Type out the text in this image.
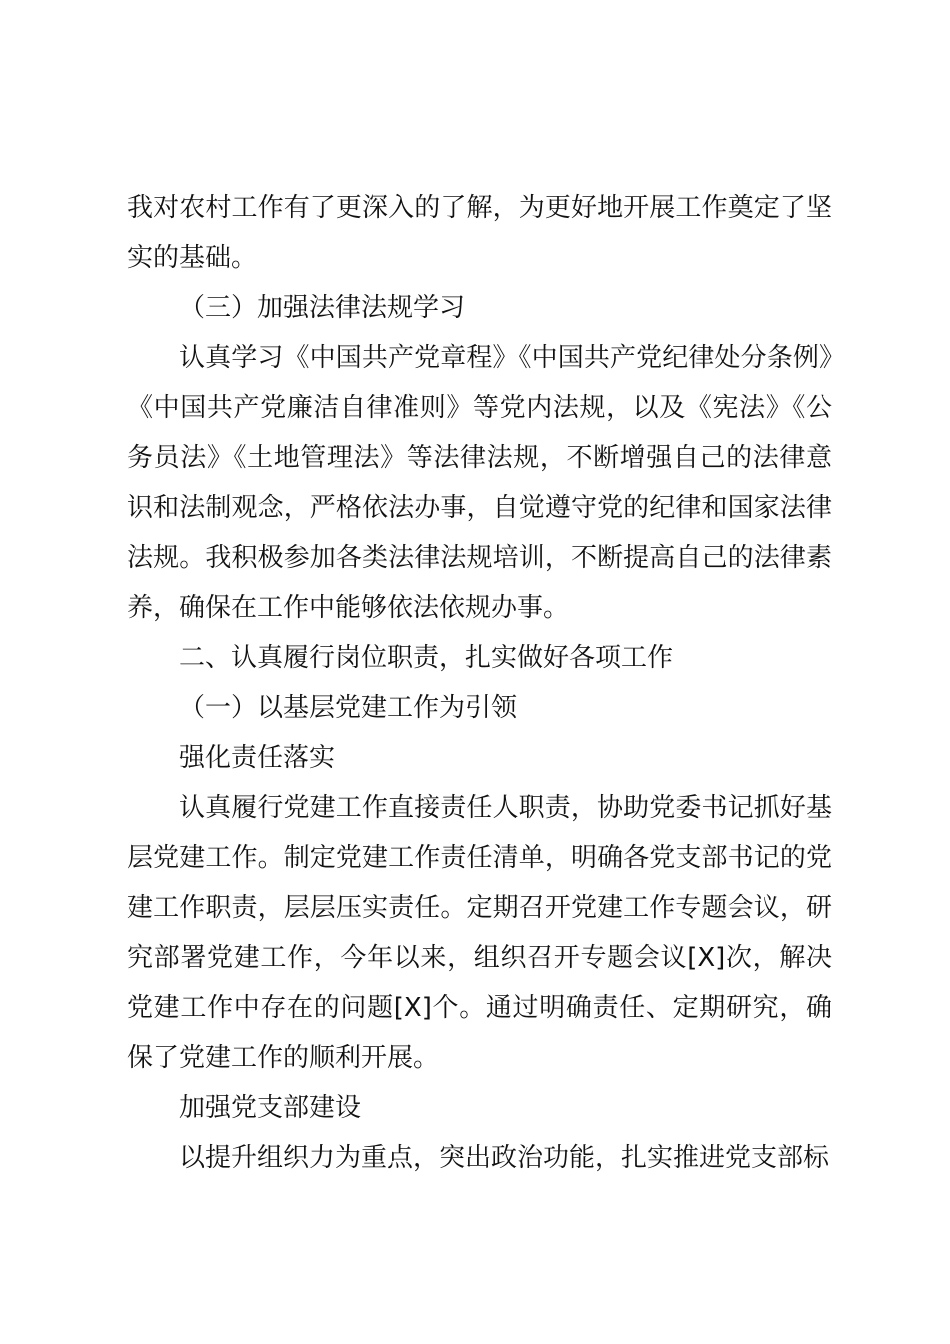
我对农村工作有了更深入的了解，为更好地开展工作奠定了坚实的基础。

（三）加强法律法规学习

认真学习《中国共产党章程》《中国共产党纪律处分条例》《中国共产党廉洁自律准则》等党内法规，以及《宪法》《公务员法》《土地管理法》等法律法规，不断增强自己的法律意识和法制观念，严格依法办事，自觉遵守党的纪律和国家法律法规。我积极参加各类法律法规培训，不断提高自己的法律素养，确保在工作中能够依法依规办事。

二、认真履行岗位职责，扎实做好各项工作

（一）以基层党建工作为引领

强化责任落实

认真履行党建工作直接责任人职责，协助党委书记抓好基层党建工作。制定党建工作责任清单，明确各党支部书记的党建工作职责，层层压实责任。定期召开党建工作专题会议，研究部署党建工作，今年以来，组织召开专题会议[X]次，解决党建工作中存在的问题[X]个。通过明确责任、定期研究，确保了党建工作的顺利开展。

加强党支部建设

以提升组织力为重点，突出政治功能，扎实推进党支部标
